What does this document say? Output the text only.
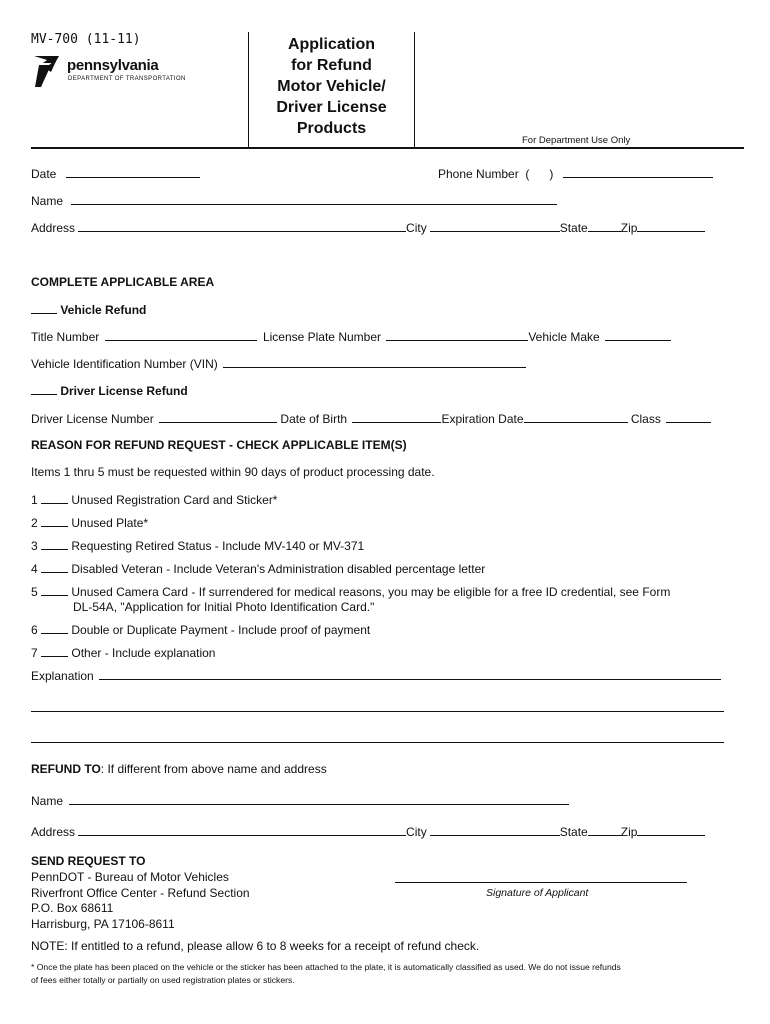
MV-700 (11-11)
pennsylvania
DEPARTMENT OF TRANSPORTATION
Application
for Refund
Motor Vehicle/
Driver License
Products
For Department Use Only
Date	Phone Number  (      )
Name
Address	City	State	Zip
COMPLETE APPLICABLE AREA
Vehicle Refund
Title Number	License Plate Number	Vehicle Make
Vehicle Identification Number (VIN)
Driver License Refund
Driver License Number	Date of Birth	Expiration Date	Class
REASON FOR REFUND REQUEST - CHECK APPLICABLE ITEM(S)
Items 1 thru 5 must be requested within 90 days of product processing date.
1	Unused Registration Card and Sticker*
2	Unused Plate*
3	Requesting Retired Status - Include MV-140 or MV-371
4	Disabled Veteran - Include Veteran's Administration disabled percentage letter
5	Unused Camera Card - If surrendered for medical reasons, you may be eligible for a free ID credential, see Form
DL-54A, "Application for Initial Photo Identification Card."
6	Double or Duplicate Payment - Include proof of payment
7	Other - Include explanation
Explanation
REFUND TO: If different from above name and address
Name
Address	City	State	Zip
SEND REQUEST TO
PennDOT - Bureau of Motor Vehicles
Riverfront Office Center - Refund Section
P.O. Box 68611
Harrisburg, PA 17106-8611
Signature of Applicant
NOTE: If entitled to a refund, please allow 6 to 8 weeks for a receipt of refund check.
* Once the plate has been placed on the vehicle or the sticker has been attached to the plate, it is automatically classified as used. We do not issue refunds
of fees either totally or partially on used registration plates or stickers.
